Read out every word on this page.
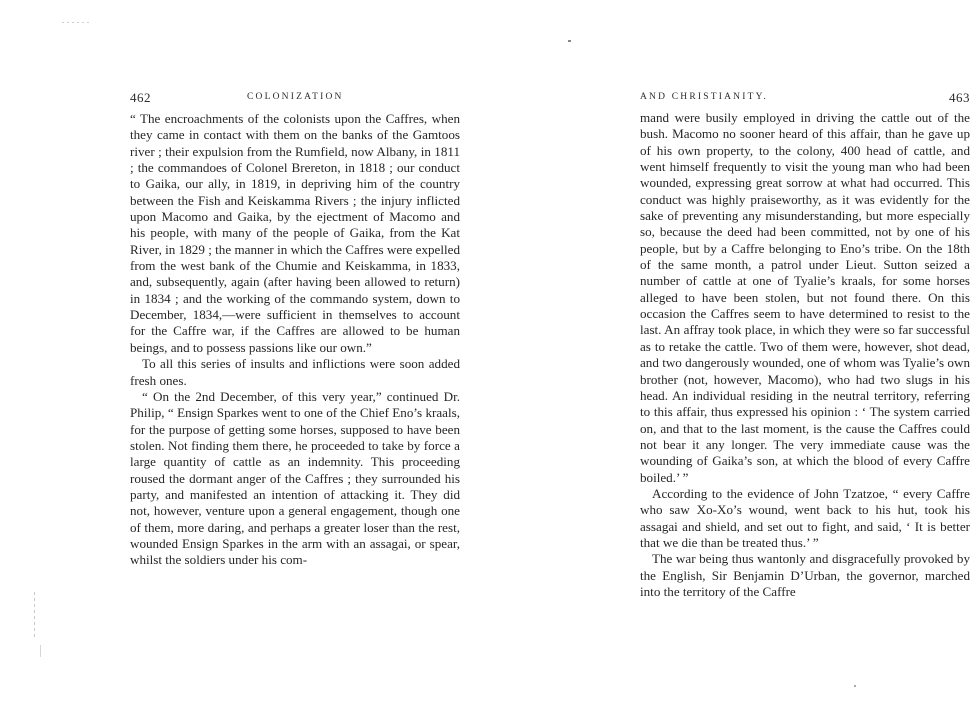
462	COLONIZATION

“ The encroachments of the colonists upon the Caffres, when they came in contact with them on the banks of the Gamtoos river ; their expulsion from the Rumfield, now Albany, in 1811 ; the commandoes of Colonel Brereton, in 1818 ; our conduct to Gaika, our ally, in 1819, in depriving him of the country between the Fish and Keiskamma Rivers ; the injury inflicted upon Macomo and Gaika, by the ejectment of Macomo and his people, with many of the people of Gaika, from the Kat River, in 1829 ; the manner in which the Caffres were expelled from the west bank of the Chumie and Keiskamma, in 1833, and, subsequently, again (after having been allowed to return) in 1834 ; and the working of the commando system, down to December, 1834,—were sufficient in themselves to account for the Caffre war, if the Caffres are allowed to be human beings, and to possess passions like our own.”

To all this series of insults and inflictions were soon added fresh ones.

“ On the 2nd December, of this very year,” continued Dr. Philip, “ Ensign Sparkes went to one of the Chief Eno’s kraals, for the purpose of getting some horses, supposed to have been stolen. Not finding them there, he proceeded to take by force a large quantity of cattle as an indemnity. This proceeding roused the dormant anger of the Caffres ; they surrounded his party, and manifested an intention of attacking it. They did not, however, venture upon a general engagement, though one of them, more daring, and perhaps a greater loser than the rest, wounded Ensign Sparkes in the arm with an assagai, or spear, whilst the soldiers under his com-

AND CHRISTIANITY.	463

mand were busily employed in driving the cattle out of the bush. Macomo no sooner heard of this affair, than he gave up of his own property, to the colony, 400 head of cattle, and went himself frequently to visit the young man who had been wounded, expressing great sorrow at what had occurred. This conduct was highly praiseworthy, as it was evidently for the sake of preventing any misunderstanding, but more especially so, because the deed had been committed, not by one of his people, but by a Caffre belonging to Eno’s tribe. On the 18th of the same month, a patrol under Lieut. Sutton seized a number of cattle at one of Tyalie’s kraals, for some horses alleged to have been stolen, but not found there. On this occasion the Caffres seem to have determined to resist to the last. An affray took place, in which they were so far successful as to retake the cattle. Two of them were, however, shot dead, and two dangerously wounded, one of whom was Tyalie’s own brother (not, however, Macomo), who had two slugs in his head. An individual residing in the neutral territory, referring to this affair, thus expressed his opinion : ‘ The system carried on, and that to the last moment, is the cause the Caffres could not bear it any longer. The very immediate cause was the wounding of Gaika’s son, at which the blood of every Caffre boiled.’ ”

According to the evidence of John Tzatzoe, “ every Caffre who saw Xo-Xo’s wound, went back to his hut, took his assagai and shield, and set out to fight, and said, ‘ It is better that we die than be treated thus.’ ”

The war being thus wantonly and disgracefully provoked by the English, Sir Benjamin D’Urban, the governor, marched into the territory of the Caffre
